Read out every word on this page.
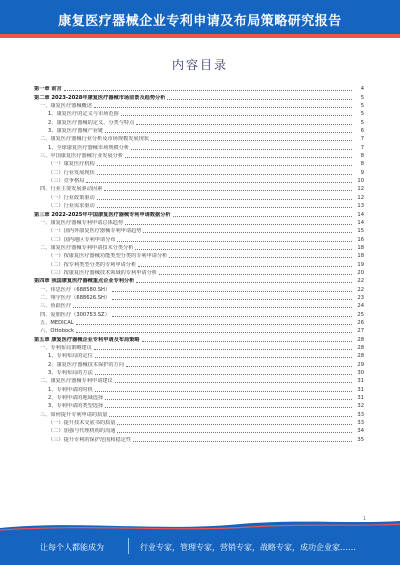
康复医疗器械企业专利申请及布局策略研究报告
内容目录
第一章 前言	4
第二章 2023-2028年康复医疗器械市场前景及趋势分析	5
一、康复医疗器械概述	5
1、康复医疗的定义与市场范围	5
2、康复医疗器械的定义、分类与特点	5
3、康复医疗器械产业链	6
二、康复医疗器械行业分析及市场规模发展现状	7
1、全球康复医疗器械市场规模分析	7
三、中国康复医疗器械行业发展分析	8
（一）康复医疗机构	8
（二）行业发展现状	9
（三）竞争格局	10
四、行业主要发展驱动因素	12
（一）行业政策驱动	12
（二）行业需求驱动	13
第三章 2022-2025年中国康复医疗器械专利申请数据分析	14
一、康复医疗器械专利申请总体趋势	14
（一）国内外康复医疗器械专利申请趋势	15
（二）国内地区专利申请分布	16
二、康复医疗器械专利申请技术分类分析	18
（一）按康复医疗器械功能类型分类的专利申请分析	18
（二）按专利类型分类的专利申请分析	19
（三）按康复医疗器械技术领域的专利申请分析	20
第四章 我国康复医疗器械重点企业专利分析	22
一、伟思医疗（688580.SH）	22
二、翔宇医疗（688626.SH）	23
三、鱼跃医疗	24
四、爱朋医疗（300753.SZ）	25
五、MEDICAL	26
六、Ottobock	27
第五章 康复医疗器械企业专利申请及布局策略	28
一、专利布局策略建议	28
1、专利布局的定位	28
2、康复医疗器械技术保护的方向	29
3、专利布局的方法	30
二、康复医疗器械专利申请建议	31
1、专利申请的时机	31
2、专利申请的地域选择	31
3、专利申请的类型选择	32
三、如何提升专利申请的质量	33
（一）提升技术交底书的质量	33
（二）加强与代理机构的沟通	34
（三）提升专利的保护范围和稳定性	35
1
让每个人都能成为	行业专家，管理专家，营销专家，战略专家，成功企业家……
